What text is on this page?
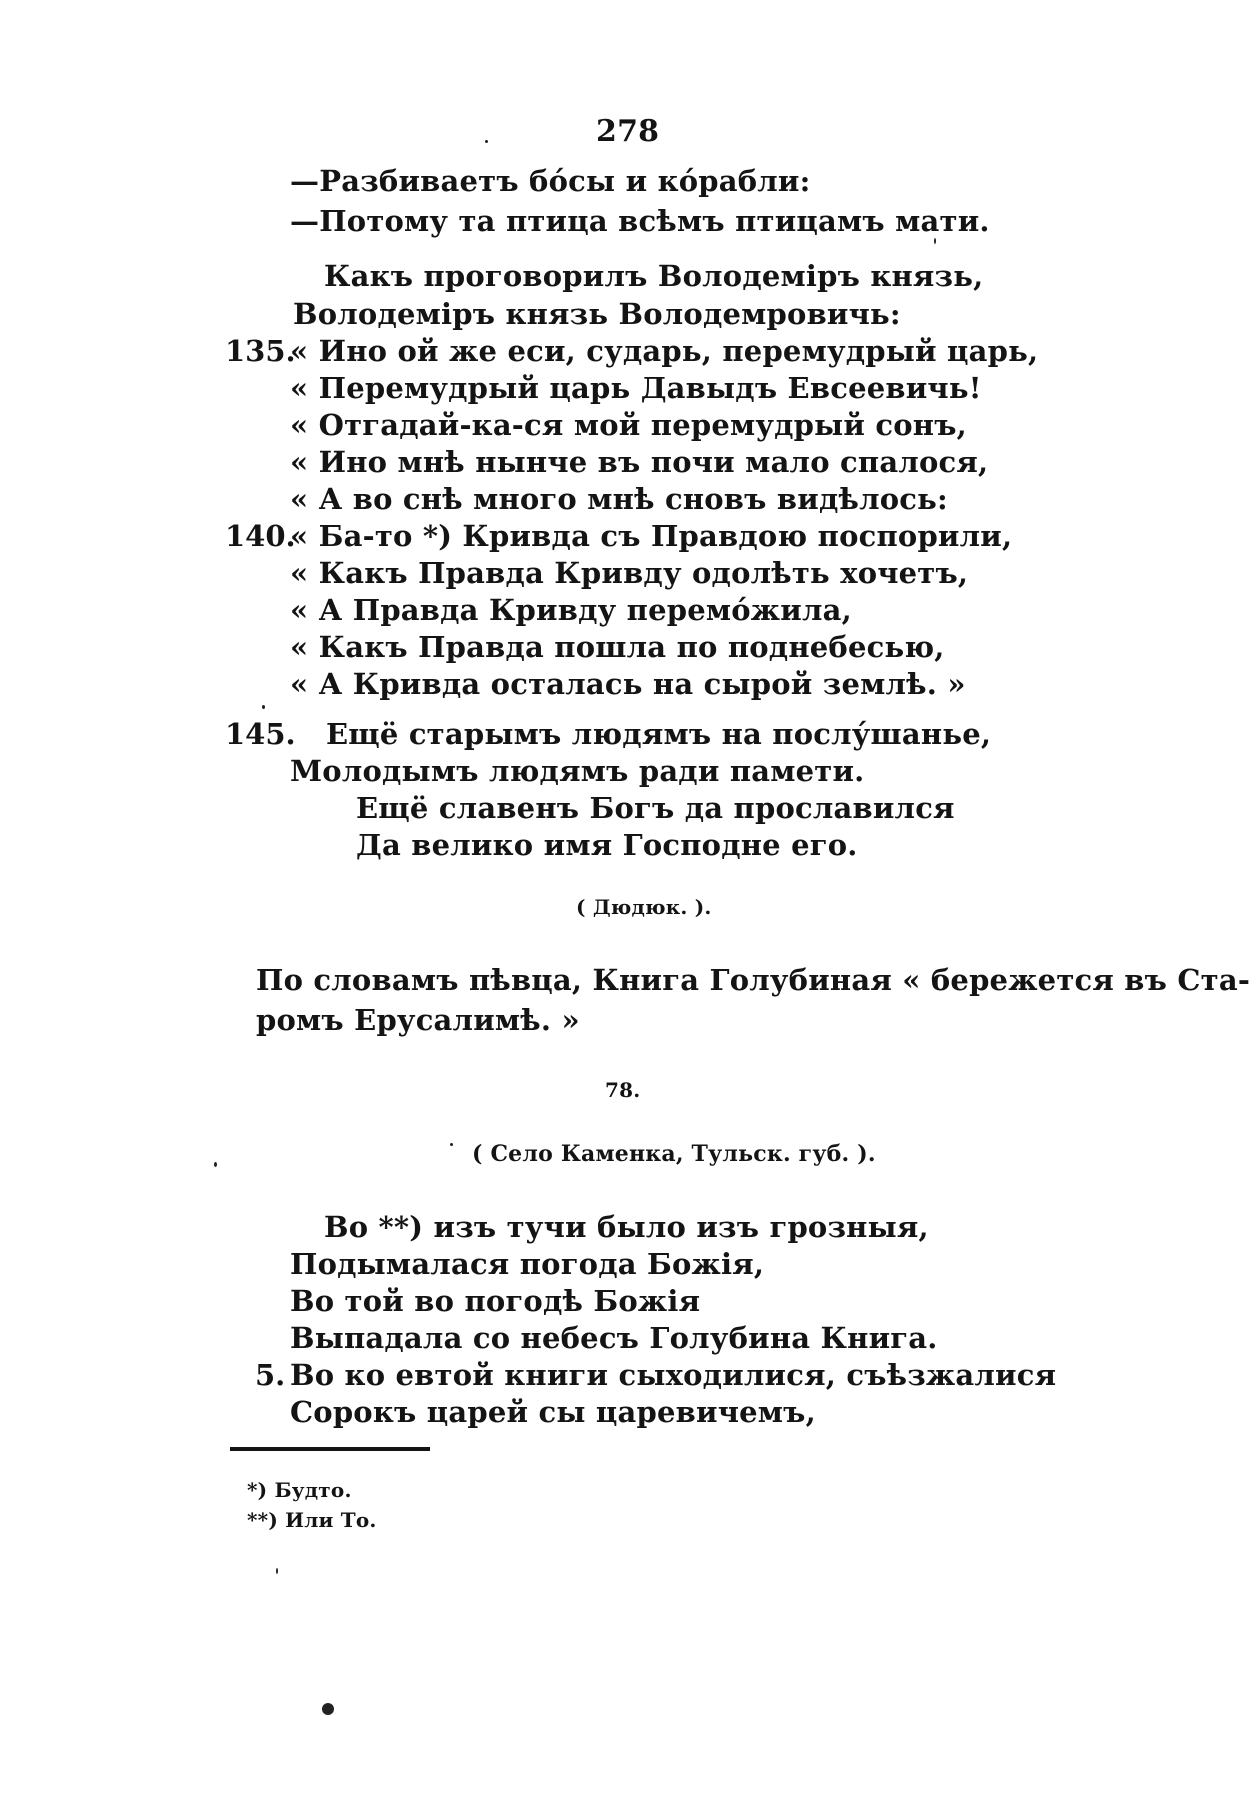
278
—Разбиваетъ бо́сы и ко́рабли:
—Потому та птица всѣмъ птицамъ мати.
Какъ проговорилъ Володеміръ князь,
Володеміръ князь Володемровичь:
135.
« Ино ой же еси, сударь, перемудрый царь,
« Перемудрый царь Давыдъ Евсеевичь!
« Отгадай-ка-ся мой перемудрый сонъ,
« Ино мнѣ нынче въ почи мало спалося,
« А во снѣ много мнѣ сновъ видѣлось:
140.
« Ба-то *) Кривда съ Правдою поспорили,
« Какъ Правда Кривду одолѣть хочетъ,
« А Правда Кривду перемо́жила,
« Какъ Правда пошла по поднебесью,
« А Кривда осталась на сырой землѣ. »
145. Ещё старымъ людямъ на послу́шанье,
Молодымъ людямъ ради памети.
Ещё славенъ Богъ да прославился
Да велико имя Господне его.
( Дюдюк. ).
По словамъ пѣвца, Книга Голубиная « бережется въ Ста-
ромъ Ерусалимѣ. »
78.
( Село Каменка, Тульск. губ. ).
Во **) изъ тучи было изъ грозныя,
Подымалася погода Божія,
Во той во погодѣ Божія
Выпадала со небесъ Голубина Книга.
5. Во ко евтой книги сыходилися, съѣзжалися
Сорокъ царей сы царевичемъ,
*) Будто.
**) Или То.
